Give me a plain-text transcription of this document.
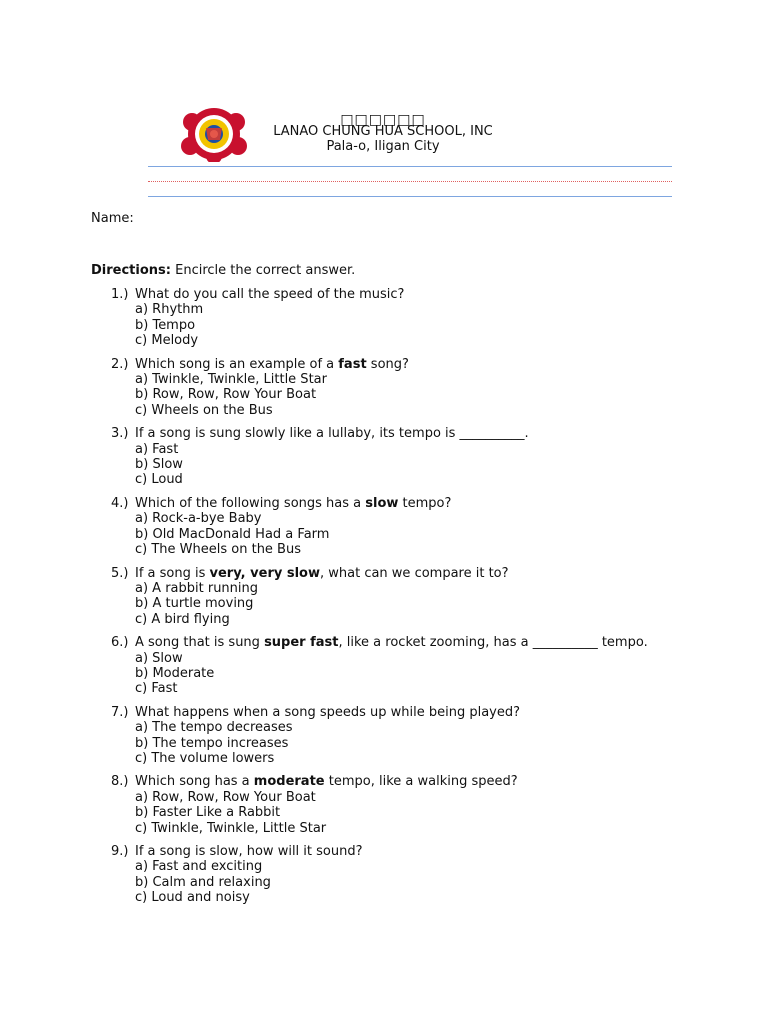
□□□□□□
LANAO CHUNG HUA SCHOOL, INC
Pala-o, Iligan City
Name:
Directions: Encircle the correct answer.
1.) What do you call the speed of the music?
a) Rhythm
b) Tempo
c) Melody
2.) Which song is an example of a fast song?
a) Twinkle, Twinkle, Little Star
b) Row, Row, Row Your Boat
c) Wheels on the Bus
3.) If a song is sung slowly like a lullaby, its tempo is __________.
a) Fast
b) Slow
c) Loud
4.) Which of the following songs has a slow tempo?
a) Rock-a-bye Baby
b) Old MacDonald Had a Farm
c) The Wheels on the Bus
5.) If a song is very, very slow, what can we compare it to?
a) A rabbit running
b) A turtle moving
c) A bird flying
6.) A song that is sung super fast, like a rocket zooming, has a __________ tempo.
a) Slow
b) Moderate
c) Fast
7.) What happens when a song speeds up while being played?
a) The tempo decreases
b) The tempo increases
c) The volume lowers
8.) Which song has a moderate tempo, like a walking speed?
a) Row, Row, Row Your Boat
b) Faster Like a Rabbit
c) Twinkle, Twinkle, Little Star
9.) If a song is slow, how will it sound?
a) Fast and exciting
b) Calm and relaxing
c) Loud and noisy
